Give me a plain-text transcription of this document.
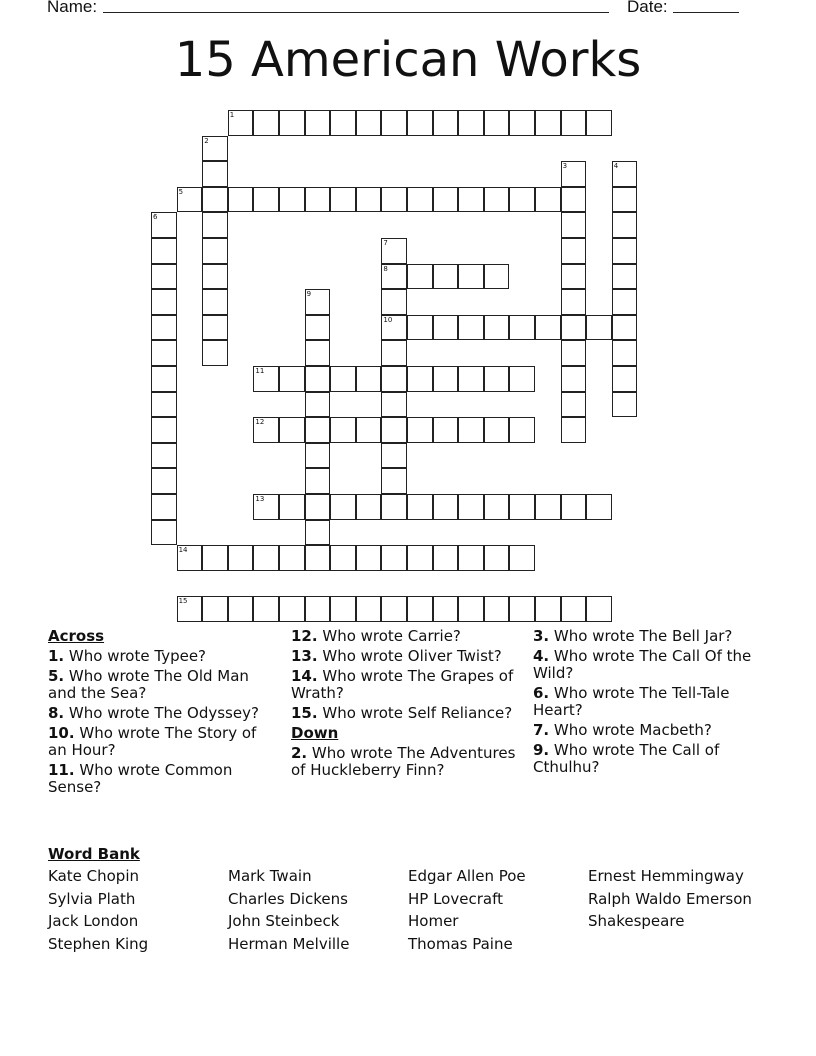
Name:	Date:
15 American Works
1
2
3	4
5
6
7
8
9
10
11
12
13
14
15
Across
1. Who wrote Typee?
5. Who wrote The Old Man and the Sea?
8. Who wrote The Odyssey?
10. Who wrote The Story of an Hour?
11. Who wrote Common Sense?
12. Who wrote Carrie?
13. Who wrote Oliver Twist?
14. Who wrote The Grapes of Wrath?
15. Who wrote Self Reliance?
Down
2. Who wrote The Adventures of Huckleberry Finn?
3. Who wrote The Bell Jar?
4. Who wrote The Call Of the Wild?
6. Who wrote The Tell-Tale Heart?
7. Who wrote Macbeth?
9. Who wrote The Call of Cthulhu?
Word Bank
Kate Chopin
Sylvia Plath
Jack London
Stephen King
Mark Twain
Charles Dickens
John Steinbeck
Herman Melville
Edgar Allen Poe
HP Lovecraft
Homer
Thomas Paine
Ernest Hemmingway
Ralph Waldo Emerson
Shakespeare
